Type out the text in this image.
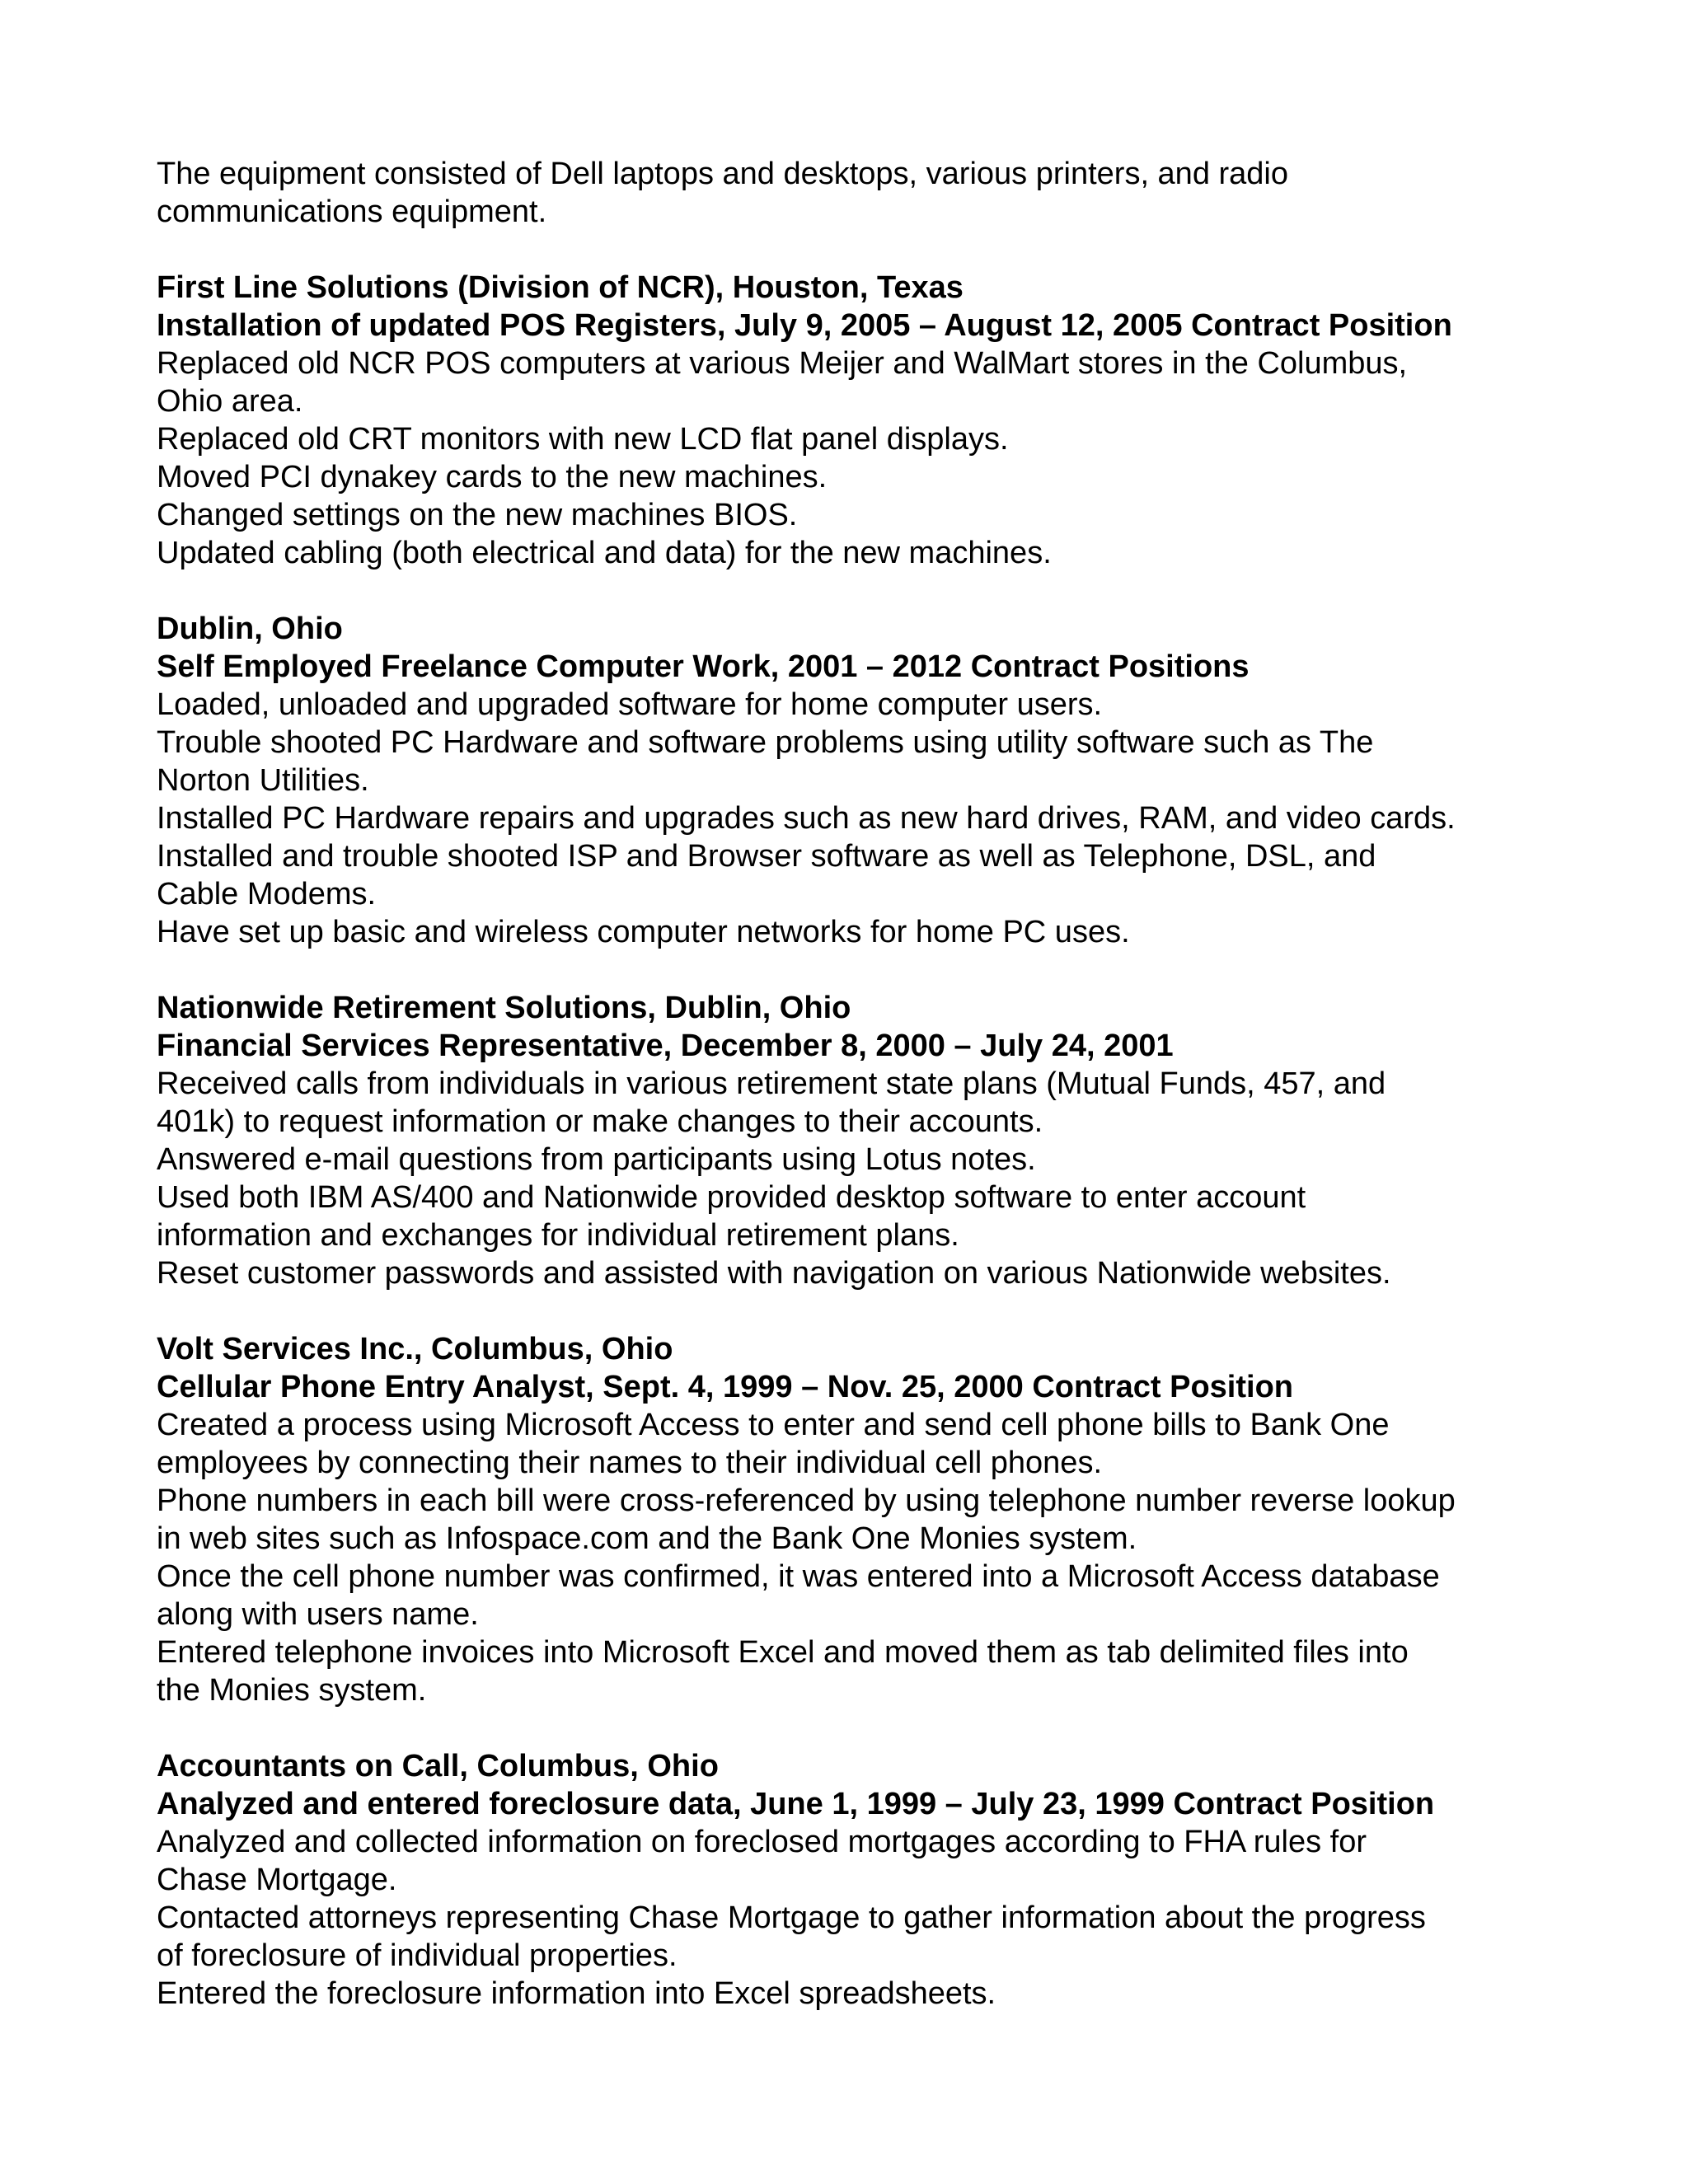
The equipment consisted of Dell laptops and desktops, various printers, and radio

communications equipment.

First Line Solutions (Division of NCR), Houston, Texas

Installation of updated POS Registers, July 9, 2005 – August 12, 2005 Contract Position

Replaced old NCR POS computers at various Meijer and WalMart stores in the Columbus,

Ohio area.

Replaced old CRT monitors with new LCD flat panel displays.

Moved PCI dynakey cards to the new machines.

Changed settings on the new machines BIOS.

Updated cabling (both electrical and data) for the new machines.

Dublin, Ohio

Self Employed Freelance Computer Work, 2001 – 2012 Contract Positions

Loaded, unloaded and upgraded software for home computer users.

Trouble shooted PC Hardware and software problems using utility software such as The

Norton Utilities.

Installed PC Hardware repairs and upgrades such as new hard drives, RAM, and video cards.

Installed and trouble shooted ISP and Browser software as well as Telephone, DSL, and

Cable Modems.

Have set up basic and wireless computer networks for home PC uses.

Nationwide Retirement Solutions, Dublin, Ohio

Financial Services Representative, December 8, 2000 – July 24, 2001

Received calls from individuals in various retirement state plans (Mutual Funds, 457, and

401k) to request information or make changes to their accounts.

Answered e-mail questions from participants using Lotus notes.

Used both IBM AS/400 and Nationwide provided desktop software to enter account

information and exchanges for individual retirement plans.

Reset customer passwords and assisted with navigation on various Nationwide websites.

Volt Services Inc., Columbus, Ohio

Cellular Phone Entry Analyst, Sept. 4, 1999 – Nov. 25, 2000 Contract Position

Created a process using Microsoft Access to enter and send cell phone bills to Bank One

employees by connecting their names to their individual cell phones.

Phone numbers in each bill were cross-referenced by using telephone number reverse lookup

in web sites such as Infospace.com and the Bank One Monies system.

Once the cell phone number was confirmed, it was entered into a Microsoft Access database

along with users name.

Entered telephone invoices into Microsoft Excel and moved them as tab delimited files into

the Monies system.

Accountants on Call, Columbus, Ohio

Analyzed and entered foreclosure data, June 1, 1999 – July 23, 1999 Contract Position

Analyzed and collected information on foreclosed mortgages according to FHA rules for

Chase Mortgage.

Contacted attorneys representing Chase Mortgage to gather information about the progress

of foreclosure of individual properties.

Entered the foreclosure information into Excel spreadsheets.
